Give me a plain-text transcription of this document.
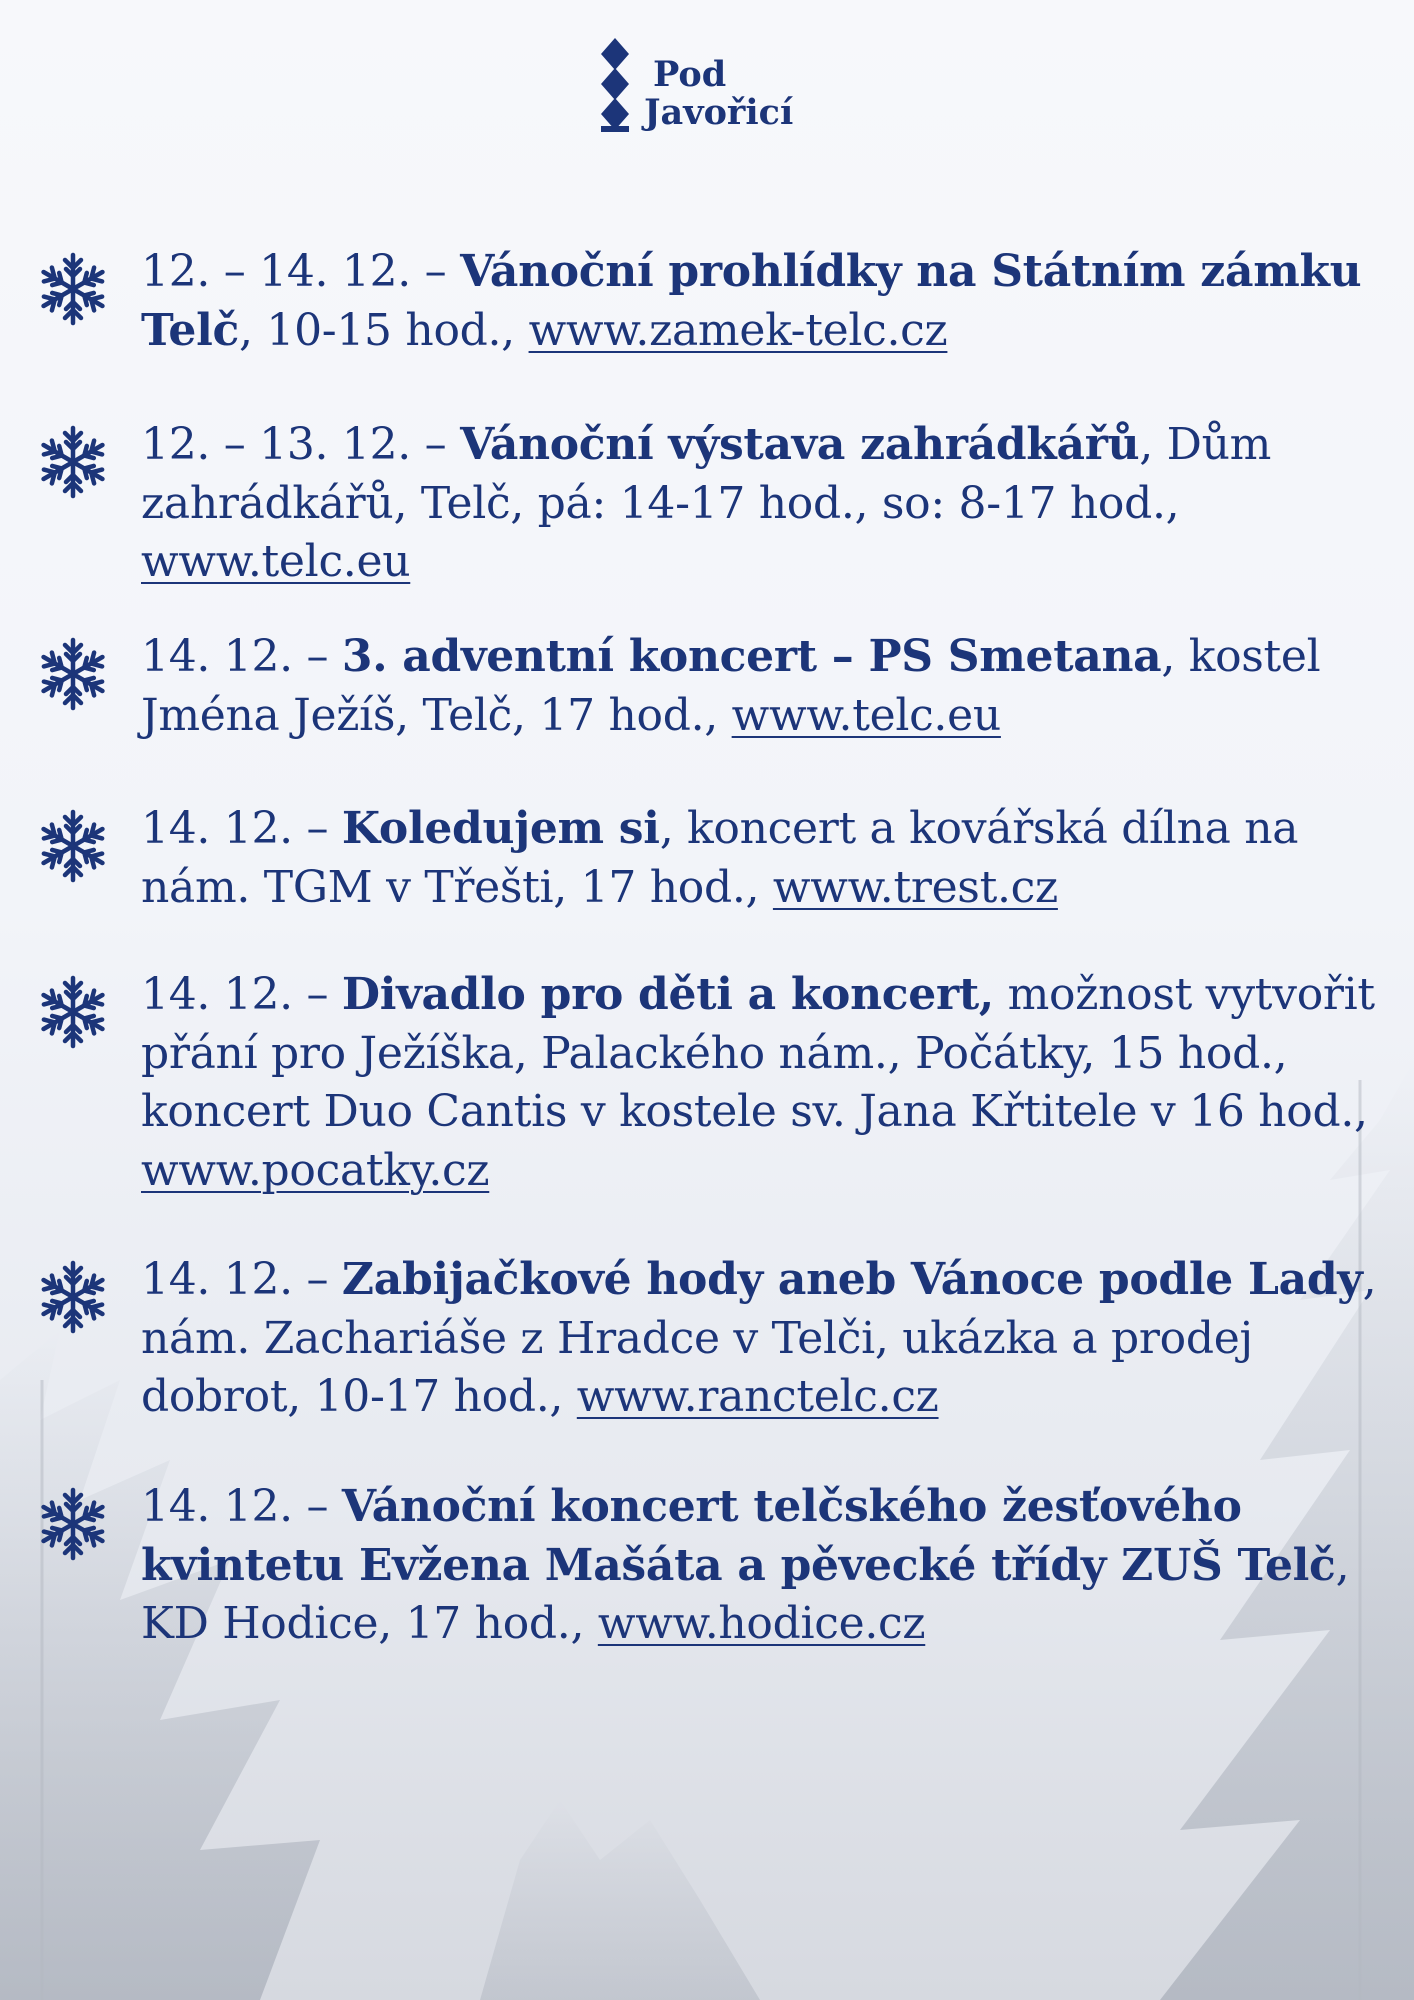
Pod
Javořicí
12. – 14. 12. – Vánoční prohlídky na Státním zámku Telč, 10-15 hod., www.zamek-telc.cz
12. – 13. 12. – Vánoční výstava zahrádkářů, Dům zahrádkářů, Telč, pá: 14-17 hod., so: 8-17 hod., www.telc.eu
14. 12. – 3. adventní koncert – PS Smetana, kostel Jména Ježíš, Telč, 17 hod., www.telc.eu
14. 12. – Koledujem si, koncert a kovářská dílna na nám. TGM v Třešti, 17 hod., www.trest.cz
14. 12. – Divadlo pro děti a koncert, možnost vytvořit přání pro Ježíška, Palackého nám., Počátky, 15 hod., koncert Duo Cantis v kostele sv. Jana Křtitele v 16 hod., www.pocatky.cz
14. 12. – Zabijačkové hody aneb Vánoce podle Lady, nám. Zachariáše z Hradce v Telči, ukázka a prodej dobrot, 10-17 hod., www.ranctelc.cz
14. 12. – Vánoční koncert telčského žesťového kvintetu Evžena Mašáta a pěvecké třídy ZUŠ Telč, KD Hodice, 17 hod., www.hodice.cz
